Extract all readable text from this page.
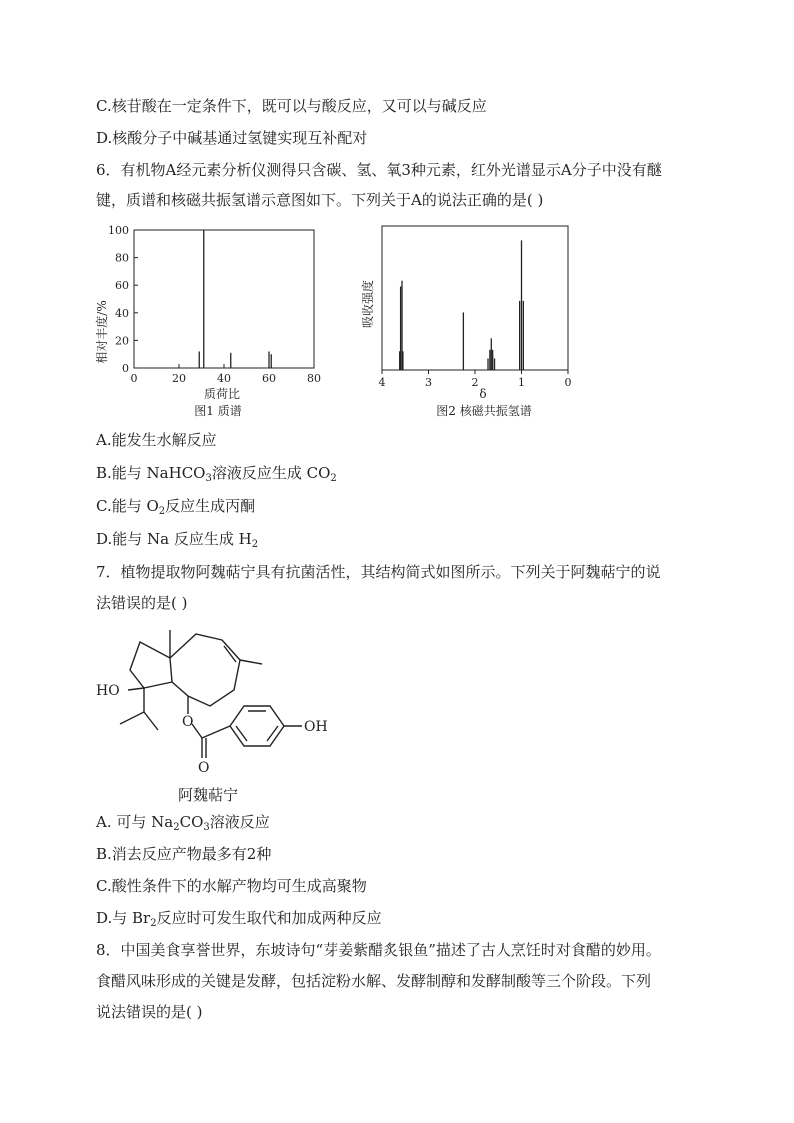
C.核苷酸在一定条件下，既可以与酸反应，又可以与碱反应
D.核酸分子中碱基通过氢键实现互补配对
6．有机物A经元素分析仪测得只含碳、氢、氧3种元素，红外光谱显示A分子中没有醚
键，质谱和核磁共振氢谱示意图如下。下列关于A的说法正确的是( )
100
80
60
40
20
0
0	20	40	60	80
相对丰度/%
质荷比
图1 质谱
4	3	2	1	0
吸收强度
δ
图2 核磁共振氢谱
A.能发生水解反应
B.能与 NaHCO$_3$溶液反应生成 $CO_2$
C.能与 $O_2$反应生成丙酮
D.能与 Na 反应生成 $H_2$
7．植物提取物阿魏萜宁具有抗菌活性，其结构简式如图所示。下列关于阿魏萜宁的说
法错误的是( )
HO
O
O
OH
阿魏萜宁
A. 可与 $Na_2CO_3$溶液反应
B.消去反应产物最多有2种
C.酸性条件下的水解产物均可生成高聚物
D.与 $Br_2$反应时可发生取代和加成两种反应
8．中国美食享誉世界，东坡诗句“芽姜紫醋炙银鱼”描述了古人烹饪时对食醋的妙用。
食醋风味形成的关键是发酵，包括淀粉水解、发酵制醇和发酵制酸等三个阶段。下列
说法错误的是( )
